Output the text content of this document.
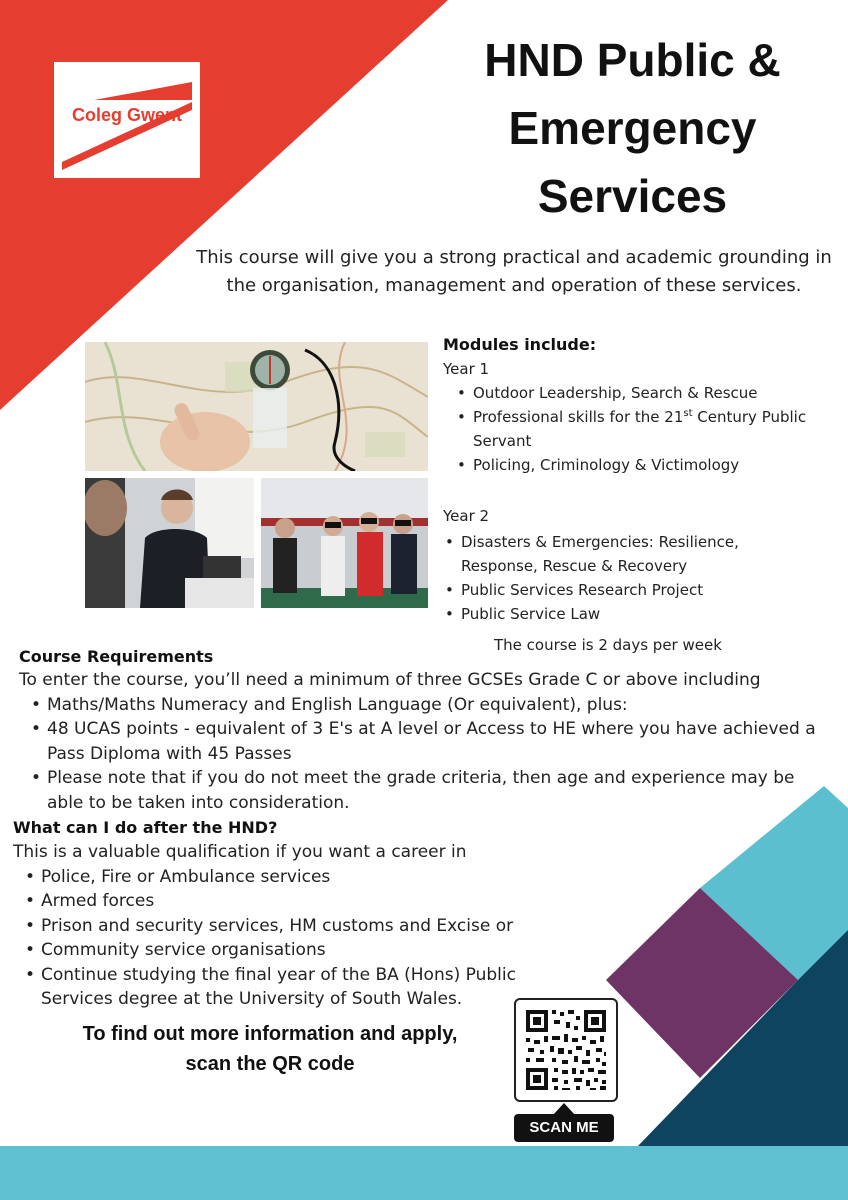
Coleg Gwent
HND Public &
Emergency
Services
This course will give you a strong practical and academic grounding in the organisation, management and operation of these services.
Modules include:
Year 1
• Outdoor Leadership, Search & Rescue
• Professional skills for the 21st Century Public Servant
• Policing, Criminology & Victimology
Year 2
• Disasters & Emergencies: Resilience, Response, Rescue & Recovery
• Public Services Research Project
• Public Service Law
The course is 2 days per week
Course Requirements
To enter the course, you’ll need a minimum of three GCSEs Grade C or above including
• Maths/Maths Numeracy and English Language (Or equivalent), plus:
• 48 UCAS points - equivalent of 3 E's at A level or Access to HE where you have achieved a Pass Diploma with 45 Passes
• Please note that if you do not meet the grade criteria, then age and experience may be able to be taken into consideration.
What can I do after the HND?
This is a valuable qualification if you want a career in
• Police, Fire or Ambulance services
• Armed forces
• Prison and security services, HM customs and Excise or
• Community service organisations
• Continue studying the final year of the BA (Hons) Public Services degree at the University of South Wales.
To find out more information and apply,
scan the QR code
SCAN ME
